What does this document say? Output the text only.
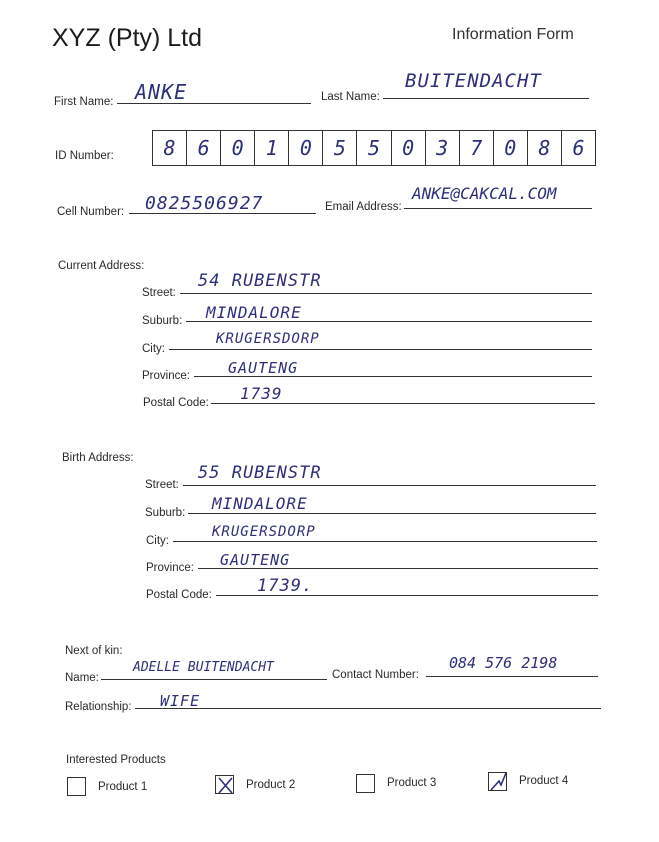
XYZ (Pty) Ltd	Information Form
First Name: ANKE	Last Name:
BUITENDACHT
ID Number:	8	6	0	1	0	5	5	0	3	7	0	8	6
Cell Number: 0825506927	Email Address:
ANKE@CAKCAL.COM
Current Address:
Street:
54 RUBENSTR
Suburb: MINDALORE
City:
KRUGERSDORP
Province:	GAUTENG
Postal Code: 1739
Birth Address:
Street:
55 RUBENSTR
Suburb: MINDALORE
City:
KRUGERSDORP
Province: GAUTENG
Postal Code:	1739.
Next of kin:
Name:
ADELLE BUITENDACHT	Contact Number:
084 576 2198
Relationship: WIFE
Interested Products
Product 1	Product 2	Product 3	Product 4
